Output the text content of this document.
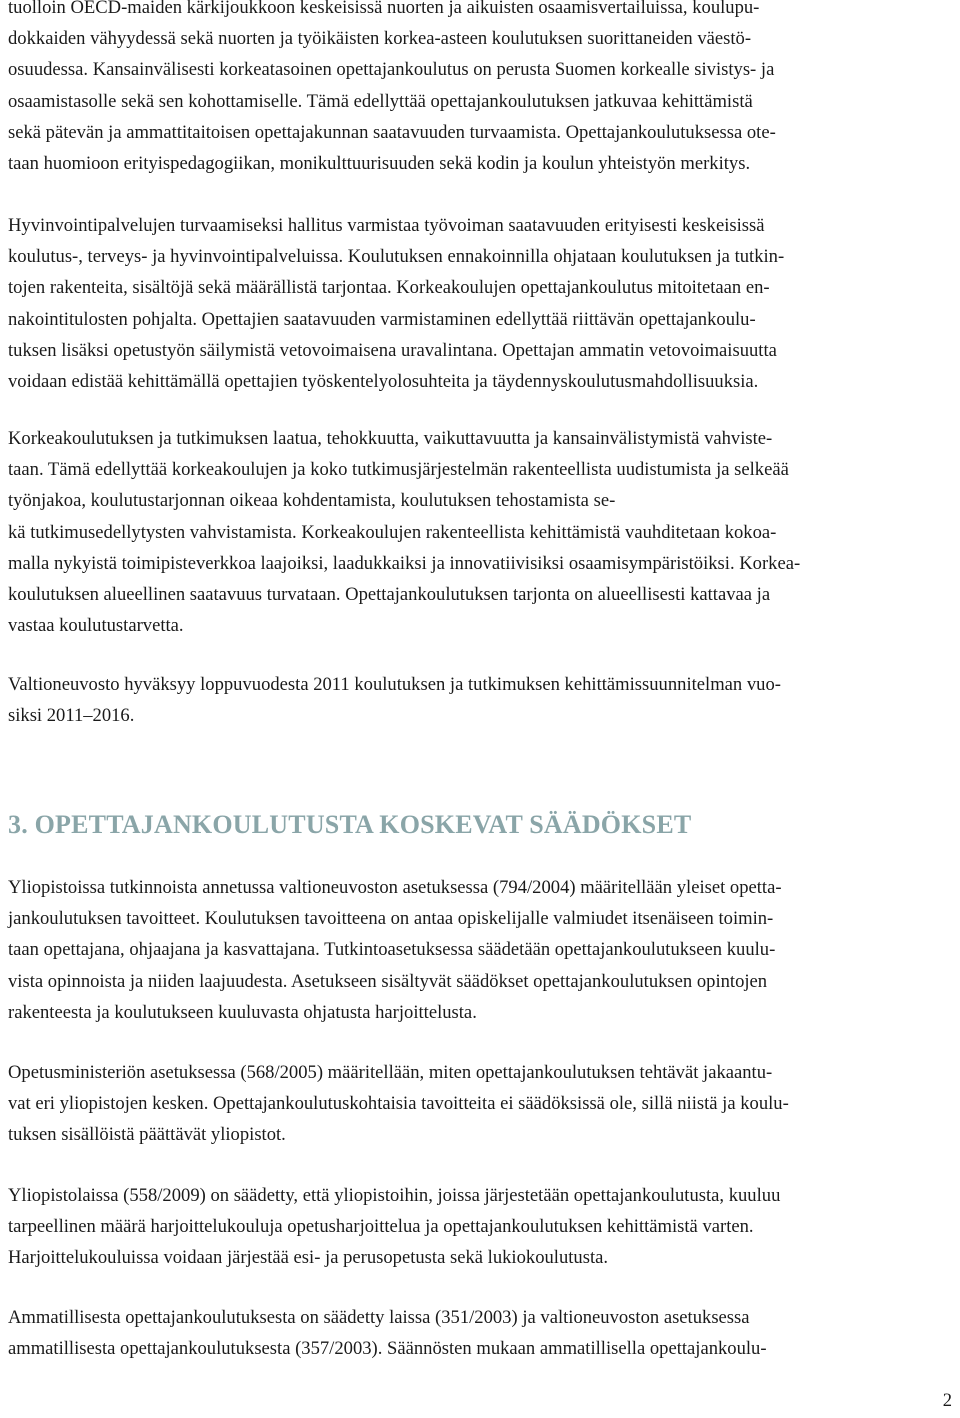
tuolloin OECD-maiden kärkijoukkoon keskeisissä nuorten ja aikuisten osaamisvertailuissa, koulupu-
dokkaiden vähyydessä sekä nuorten ja työikäisten korkea-asteen koulutuksen suorittaneiden väestö-
osuudessa. Kansainvälisesti korkeatasoinen opettajankoulutus on perusta Suomen korkealle sivistys- ja
osaamistasolle sekä sen kohottamiselle. Tämä edellyttää opettajankoulutuksen jatkuvaa kehittämistä
sekä pätevän ja ammattitaitoisen opettajakunnan saatavuuden turvaamista. Opettajankoulutuksessa ote-
taan huomioon erityispedagogiikan, monikulttuurisuuden sekä kodin ja koulun yhteistyön merkitys.

Hyvinvointipalvelujen turvaamiseksi hallitus varmistaa työvoiman saatavuuden erityisesti keskeisissä
koulutus-, terveys- ja hyvinvointipalveluissa. Koulutuksen ennakoinnilla ohjataan koulutuksen ja tutkin-
tojen rakenteita, sisältöjä sekä määrällistä tarjontaa. Korkeakoulujen opettajankoulutus mitoitetaan en-
nakointitulosten pohjalta. Opettajien saatavuuden varmistaminen edellyttää riittävän opettajankoulu-
tuksen lisäksi opetustyön säilymistä vetovoimaisena uravalintana. Opettajan ammatin vetovoimaisuutta
voidaan edistää kehittämällä opettajien työskentelyolosuhteita ja täydennyskoulutusmahdollisuuksia.

Korkeakoulutuksen ja tutkimuksen laatua, tehokkuutta, vaikuttavuutta ja kansainvälistymistä vahviste-
taan. Tämä edellyttää korkeakoulujen ja koko tutkimusjärjestelmän rakenteellista uudistumista ja selkeää
työnjakoa, koulutustarjonnan oikeaa kohdentamista, koulutuksen tehostamista se-
kä tutkimusedellytysten vahvistamista. Korkeakoulujen rakenteellista kehittämistä vauhditetaan kokoa-
malla nykyistä toimipisteverkkoa laajoiksi, laadukkaiksi ja innovatiivisiksi osaamisympäristöiksi. Korkea-
koulutuksen alueellinen saatavuus turvataan. Opettajankoulutuksen tarjonta on alueellisesti kattavaa ja
vastaa koulutustarvetta.

Valtioneuvosto hyväksyy loppuvuodesta 2011 koulutuksen ja tutkimuksen kehittämissuunnitelman vuo-
siksi 2011–2016.

3. OPETTAJANKOULUTUSTA KOSKEVAT SÄÄDÖKSET

Yliopistoissa tutkinnoista annetussa valtioneuvoston asetuksessa (794/2004) määritellään yleiset opetta-
jankoulutuksen tavoitteet. Koulutuksen tavoitteena on antaa opiskelijalle valmiudet itsenäiseen toimin-
taan opettajana, ohjaajana ja kasvattajana. Tutkintoasetuksessa säädetään opettajankoulutukseen kuulu-
vista opinnoista ja niiden laajuudesta. Asetukseen sisältyvät säädökset opettajankoulutuksen opintojen
rakenteesta ja koulutukseen kuuluvasta ohjatusta harjoittelusta.

Opetusministeriön asetuksessa (568/2005) määritellään, miten opettajankoulutuksen tehtävät jakaantu-
vat eri yliopistojen kesken. Opettajankoulutuskohtaisia tavoitteita ei säädöksissä ole, sillä niistä ja koulu-
tuksen sisällöistä päättävät yliopistot.

Yliopistolaissa (558/2009) on säädetty, että yliopistoihin, joissa järjestetään opettajankoulutusta, kuuluu
tarpeellinen määrä harjoittelukouluja opetusharjoittelua ja opettajankoulutuksen kehittämistä varten.
Harjoittelukouluissa voidaan järjestää esi- ja perusopetusta sekä lukiokoulutusta.

Ammatillisesta opettajankoulutuksesta on säädetty laissa (351/2003) ja valtioneuvoston asetuksessa
ammatillisesta opettajankoulutuksesta (357/2003). Säännösten mukaan ammatillisella opettajankoulu-

2
